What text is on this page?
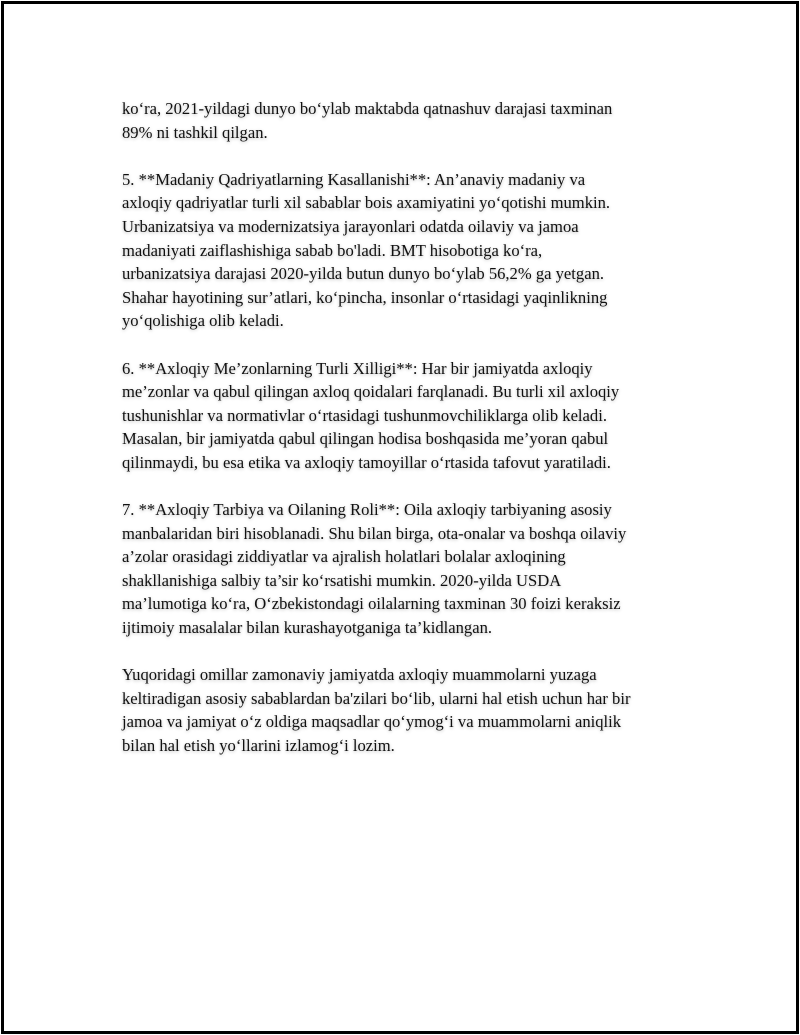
ko‘ra, 2021-yildagi dunyo bo‘ylab maktabda qatnashuv darajasi taxminan
89% ni tashkil qilgan.

5. **Madaniy Qadriyatlarning Kasallanishi**: An’anaviy madaniy va
axloqiy qadriyatlar turli xil sabablar bois axamiyatini yo‘qotishi mumkin.
Urbanizatsiya va modernizatsiya jarayonlari odatda oilaviy va jamoa
madaniyati zaiflashishiga sabab bo'ladi. BMT hisobotiga ko‘ra,
urbanizatsiya darajasi 2020-yilda butun dunyo bo‘ylab 56,2% ga yetgan.
Shahar hayotining sur’atlari, ko‘pincha, insonlar o‘rtasidagi yaqinlikning
yo‘qolishiga olib keladi.

6. **Axloqiy Me’zonlarning Turli Xilligi**: Har bir jamiyatda axloqiy
me’zonlar va qabul qilingan axloq qoidalari farqlanadi. Bu turli xil axloqiy
tushunishlar va normativlar o‘rtasidagi tushunmovchiliklarga olib keladi.
Masalan, bir jamiyatda qabul qilingan hodisa boshqasida me’yoran qabul
qilinmaydi, bu esa etika va axloqiy tamoyillar o‘rtasida tafovut yaratiladi.

7. **Axloqiy Tarbiya va Oilaning Roli**: Oila axloqiy tarbiyaning asosiy
manbalaridan biri hisoblanadi. Shu bilan birga, ota-onalar va boshqa oilaviy
a’zolar orasidagi ziddiyatlar va ajralish holatlari bolalar axloqining
shakllanishiga salbiy ta’sir ko‘rsatishi mumkin. 2020-yilda USDA
ma’lumotiga ko‘ra, O‘zbekistondagi oilalarning taxminan 30 foizi keraksiz
ijtimoiy masalalar bilan kurashayotganiga ta’kidlangan.

Yuqoridagi omillar zamonaviy jamiyatda axloqiy muammolarni yuzaga
keltiradigan asosiy sabablardan ba'zilari bo‘lib, ularni hal etish uchun har bir
jamoa va jamiyat o‘z oldiga maqsadlar qo‘ymog‘i va muammolarni aniqlik
bilan hal etish yo‘llarini izlamog‘i lozim.
